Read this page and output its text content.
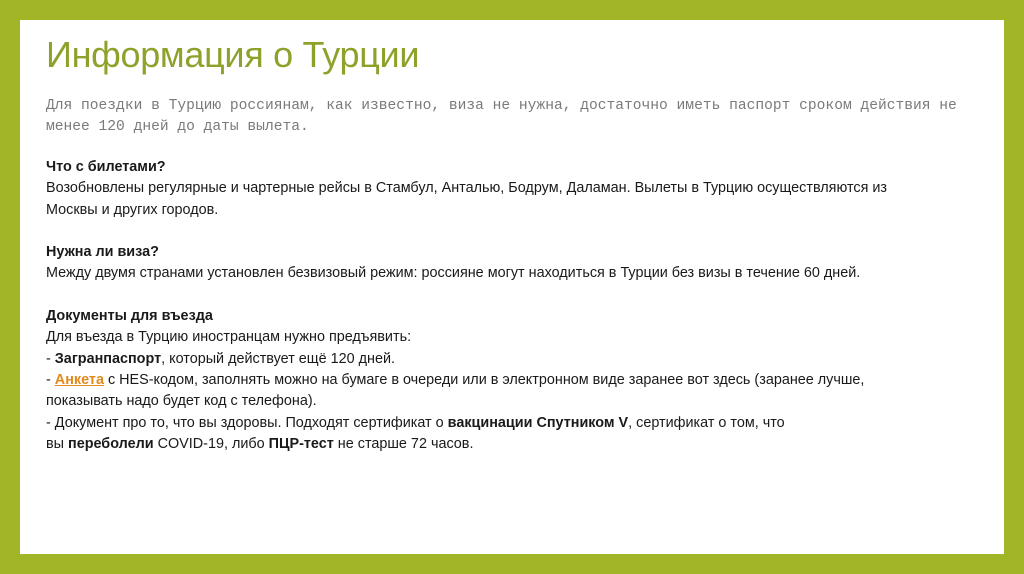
Информация о Турции

Для поездки в Турцию россиянам, как известно, виза не нужна, достаточно иметь паспорт сроком действия не менее 120 дней до даты вылета.

Что с билетами?

Возобновлены регулярные и чартерные рейсы в Стамбул, Анталью, Бодрум, Даламан. Вылеты в Турцию осуществляются из

Москвы и других городов.

Нужна ли виза?

Между двумя странами установлен безвизовый режим: россияне могут находиться в Турции без визы в течение 60 дней.

Документы для въезда

Для въезда в Турцию иностранцам нужно предъявить:

- Загранпаспорт, который действует ещё 120 дней.

- Анкета с HES-кодом, заполнять можно на бумаге в очереди или в электронном виде заранее вот здесь (заранее лучше,

показывать надо будет код с телефона).

- Документ про то, что вы здоровы. Подходят сертификат о вакцинации Спутником V, сертификат о том, что

вы переболели COVID-19, либо ПЦР-тест не старше 72 часов.
